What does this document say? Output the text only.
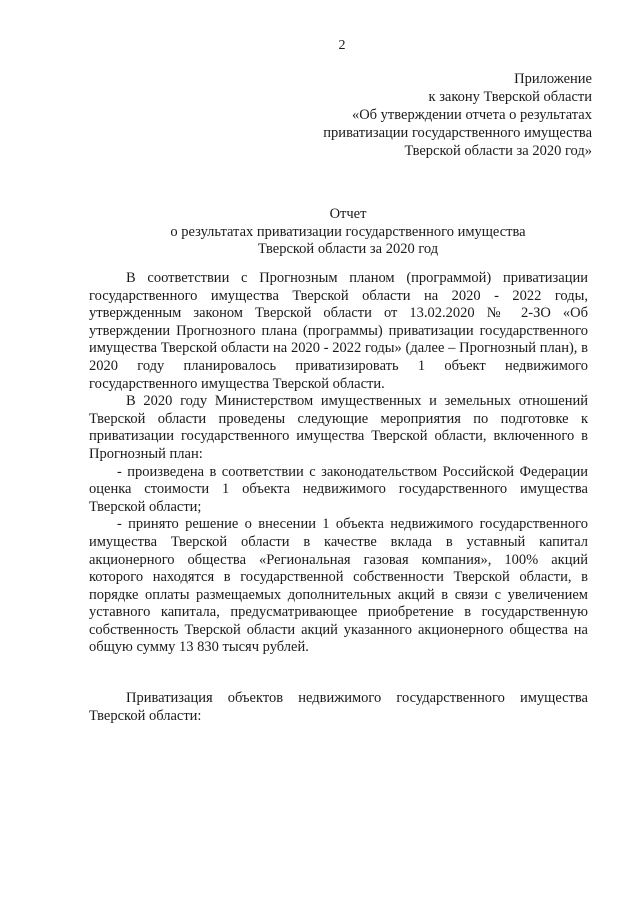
2
Приложение
к закону Тверской области
«Об утверждении отчета о результатах
приватизации государственного имущества
Тверской области за 2020 год»
Отчет
о результатах приватизации государственного имущества
Тверской области за 2020 год

В соответствии с Прогнозным планом (программой) приватизации государственного имущества Тверской области на 2020 - 2022 годы, утвержденным законом Тверской области от 13.02.2020 № 2-ЗО «Об утверждении Прогнозного плана (программы) приватизации государственного имущества Тверской области на 2020 - 2022 годы» (далее – Прогнозный план), в 2020 году планировалось приватизировать 1 объект недвижимого государственного имущества Тверской области.

В 2020 году Министерством имущественных и земельных отношений Тверской области проведены следующие мероприятия по подготовке к приватизации государственного имущества Тверской области, включенного в Прогнозный план:

- произведена в соответствии с законодательством Российской Федерации оценка стоимости 1 объекта недвижимого государственного имущества Тверской области;

- принято решение о внесении 1 объекта недвижимого государственного имущества Тверской области в качестве вклада в уставный капитал акционерного общества «Региональная газовая компания», 100% акций которого находятся в государственной собственности Тверской области, в порядке оплаты размещаемых дополнительных акций в связи с увеличением уставного капитала, предусматривающее приобретение в государственную собственность Тверской области акций указанного акционерного общества на общую сумму 13 830 тысяч рублей.

Приватизация объектов недвижимого государственного имущества Тверской области:
